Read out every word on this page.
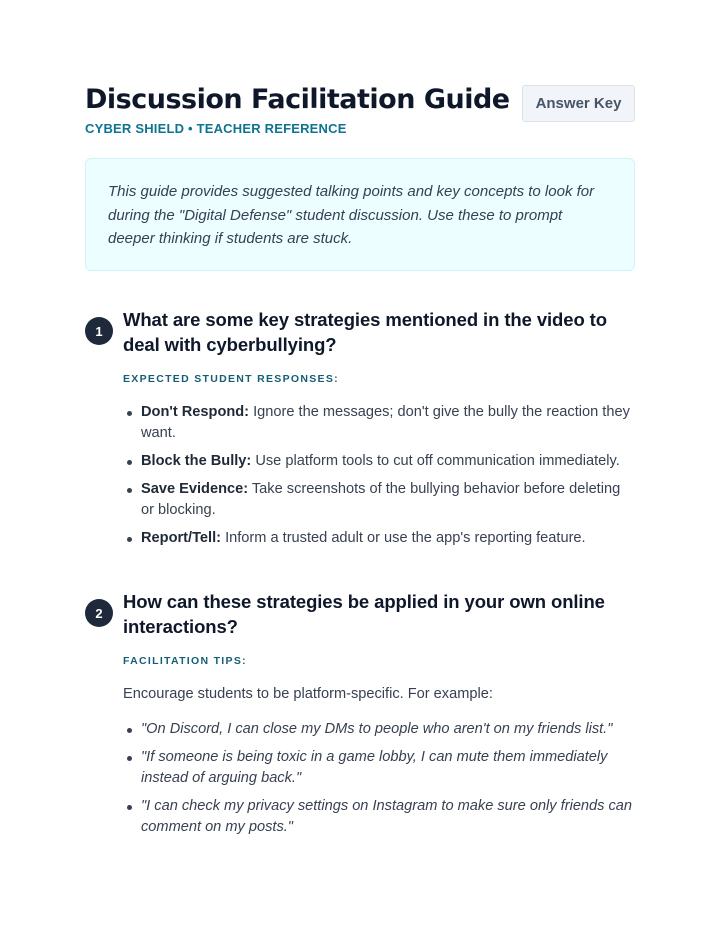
Discussion Facilitation Guide
CYBER SHIELD • TEACHER REFERENCE
Answer Key
This guide provides suggested talking points and key concepts to look for during the "Digital Defense" student discussion. Use these to prompt deeper thinking if students are stuck.
1
What are some key strategies mentioned in the video to deal with cyberbullying?
EXPECTED STUDENT RESPONSES:
Don't Respond: Ignore the messages; don't give the bully the reaction they want.
Block the Bully: Use platform tools to cut off communication immediately.
Save Evidence: Take screenshots of the bullying behavior before deleting or blocking.
Report/Tell: Inform a trusted adult or use the app's reporting feature.
2
How can these strategies be applied in your own online interactions?
FACILITATION TIPS:

Encourage students to be platform-specific. For example:

"On Discord, I can close my DMs to people who aren't on my friends list."
"If someone is being toxic in a game lobby, I can mute them immediately instead of arguing back."
"I can check my privacy settings on Instagram to make sure only friends can comment on my posts."
